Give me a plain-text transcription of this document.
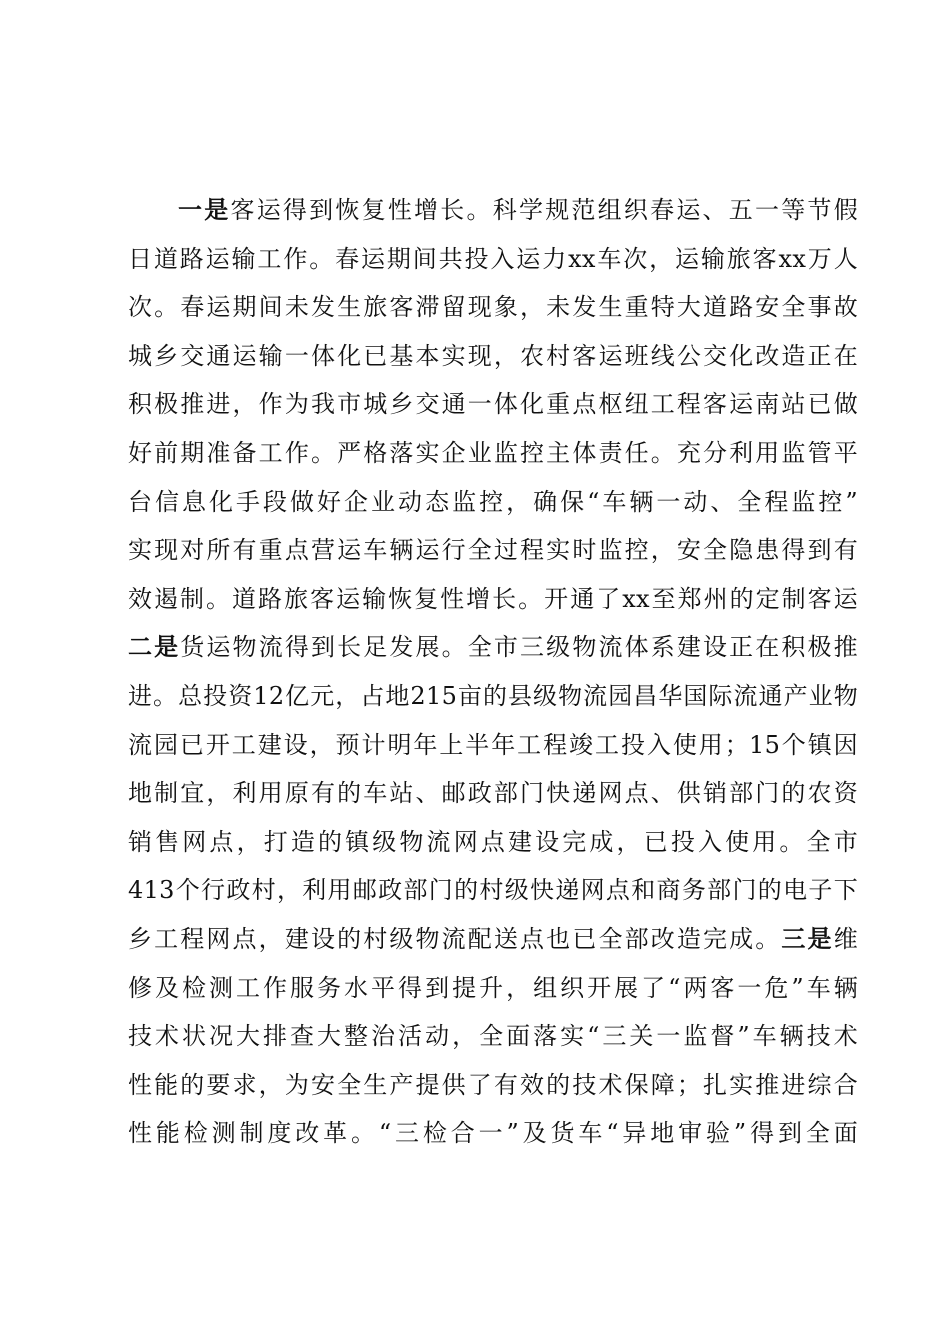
一是客运得到恢复性增长。科学规范组织春运、五一等节假
日道路运输工作。春运期间共投入运力xx车次，运输旅客xx万人
次。春运期间未发生旅客滞留现象，未发生重特大道路安全事故
城乡交通运输一体化已基本实现，农村客运班线公交化改造正在
积极推进，作为我市城乡交通一体化重点枢纽工程客运南站已做
好前期准备工作。严格落实企业监控主体责任。充分利用监管平
台信息化手段做好企业动态监控，确保“车辆一动、全程监控”
实现对所有重点营运车辆运行全过程实时监控，安全隐患得到有
效遏制。道路旅客运输恢复性增长。开通了xx至郑州的定制客运
二是货运物流得到长足发展。全市三级物流体系建设正在积极推
进。总投资12亿元，占地215亩的县级物流园昌华国际流通产业物
流园已开工建设，预计明年上半年工程竣工投入使用；15个镇因
地制宜，利用原有的车站、邮政部门快递网点、供销部门的农资
销售网点，打造的镇级物流网点建设完成，已投入使用。全市
413个行政村，利用邮政部门的村级快递网点和商务部门的电子下
乡工程网点，建设的村级物流配送点也已全部改造完成。三是维
修及检测工作服务水平得到提升，组织开展了“两客一危”车辆
技术状况大排查大整治活动，全面落实“三关一监督”车辆技术
性能的要求，为安全生产提供了有效的技术保障；扎实推进综合
性能检测制度改革。“三检合一”及货车“异地审验”得到全面
